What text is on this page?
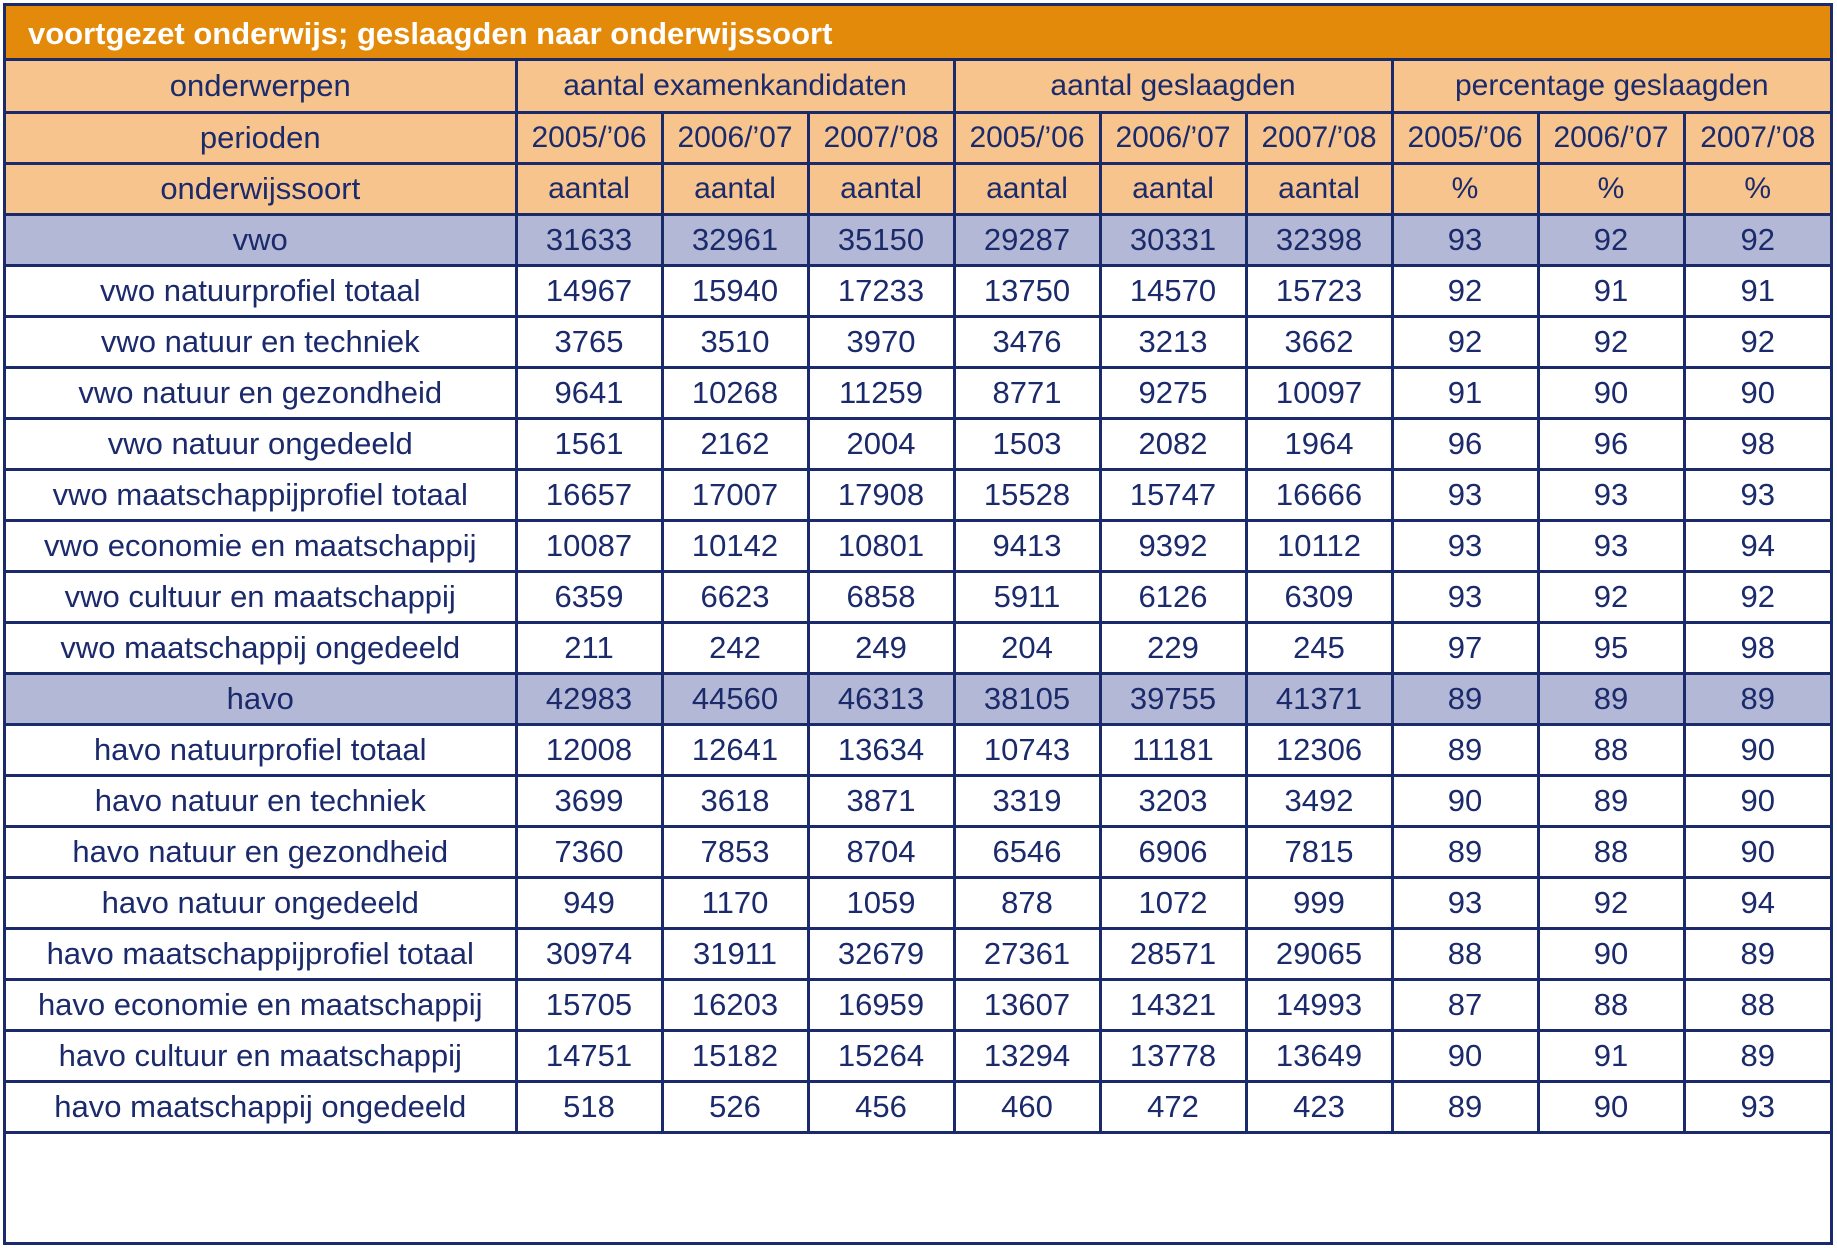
voortgezet onderwijs; geslaagden naar onderwijssoort
onderwerpen	aantal examenkandidaten			aantal geslaagden			percentage geslaagden		
perioden	2005/’06	2006/’07	2007/’08	2005/’06	2006/’07	2007/’08	2005/’06	2006/’07	2007/’08
onderwijssoort	aantal	aantal	aantal	aantal	aantal	aantal	%	%	%
vwo	31633	32961	35150	29287	30331	32398	93	92	92
vwo natuurprofiel totaal	14967	15940	17233	13750	14570	15723	92	91	91
vwo natuur en techniek	3765	3510	3970	3476	3213	3662	92	92	92
vwo natuur en gezondheid	9641	10268	11259	8771	9275	10097	91	90	90
vwo natuur ongedeeld	1561	2162	2004	1503	2082	1964	96	96	98
vwo maatschappijprofiel totaal	16657	17007	17908	15528	15747	16666	93	93	93
vwo economie en maatschappij	10087	10142	10801	9413	9392	10112	93	93	94
vwo cultuur en maatschappij	6359	6623	6858	5911	6126	6309	93	92	92
vwo maatschappij ongedeeld	211	242	249	204	229	245	97	95	98
havo	42983	44560	46313	38105	39755	41371	89	89	89
havo natuurprofiel totaal	12008	12641	13634	10743	11181	12306	89	88	90
havo natuur en techniek	3699	3618	3871	3319	3203	3492	90	89	90
havo natuur en gezondheid	7360	7853	8704	6546	6906	7815	89	88	90
havo natuur ongedeeld	949	1170	1059	878	1072	999	93	92	94
havo maatschappijprofiel totaal	30974	31911	32679	27361	28571	29065	88	90	89
havo economie en maatschappij	15705	16203	16959	13607	14321	14993	87	88	88
havo cultuur en maatschappij	14751	15182	15264	13294	13778	13649	90	91	89
havo maatschappij ongedeeld	518	526	456	460	472	423	89	90	93
